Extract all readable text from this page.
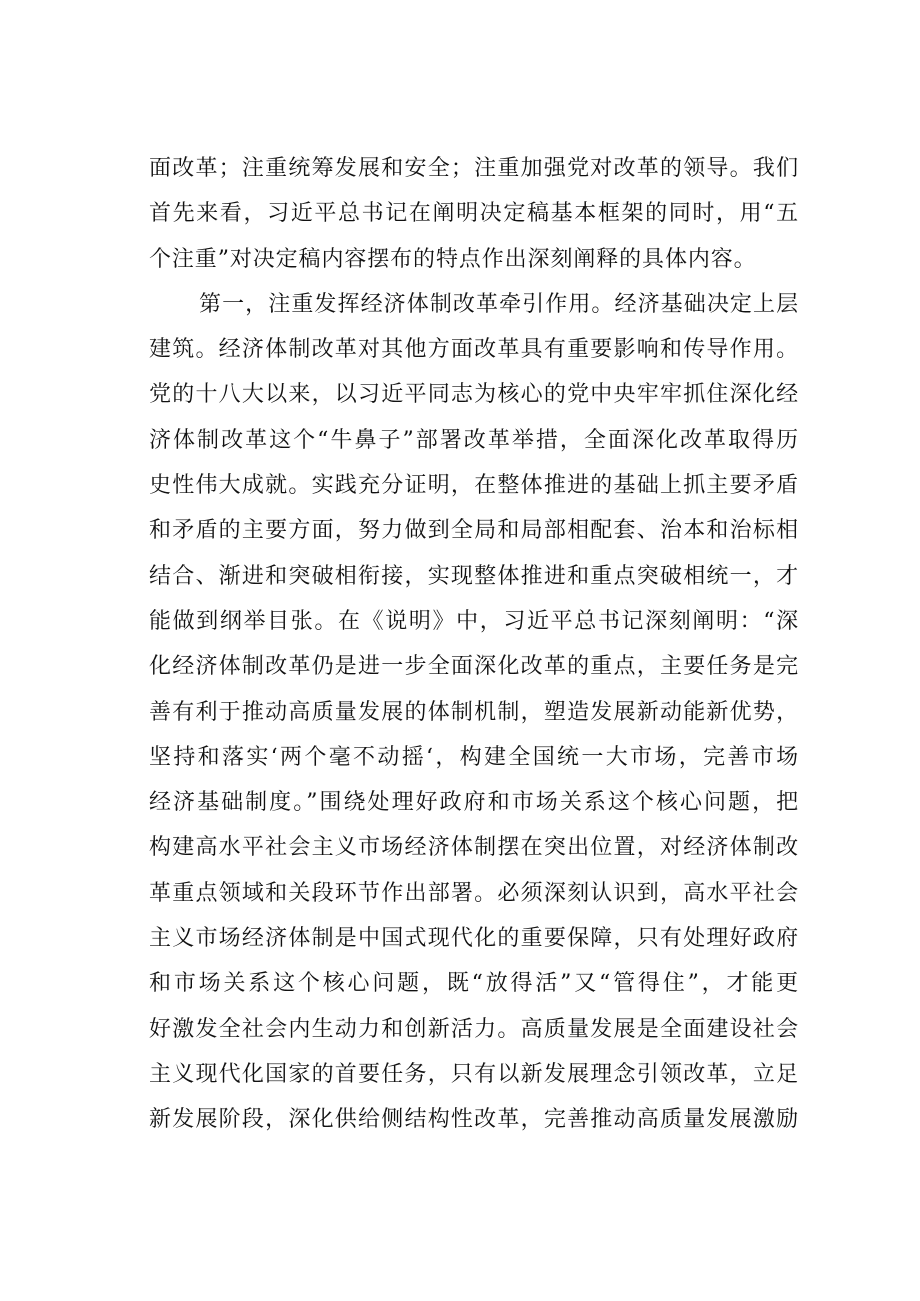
面改革；注重统筹发展和安全；注重加强党对改革的领导。我们
首先来看，习近平总书记在阐明决定稿基本框架的同时，用“五
个注重”对决定稿内容摆布的特点作出深刻阐释的具体内容。
第一，注重发挥经济体制改革牵引作用。经济基础决定上层
建筑。经济体制改革对其他方面改革具有重要影响和传导作用。
党的十八大以来，以习近平同志为核心的党中央牢牢抓住深化经
济体制改革这个“牛鼻子”部署改革举措，全面深化改革取得历
史性伟大成就。实践充分证明，在整体推进的基础上抓主要矛盾
和矛盾的主要方面，努力做到全局和局部相配套、治本和治标相
结合、渐进和突破相衔接，实现整体推进和重点突破相统一，才
能做到纲举目张。在《说明》中，习近平总书记深刻阐明：“深
化经济体制改革仍是进一步全面深化改革的重点，主要任务是完
善有利于推动高质量发展的体制机制，塑造发展新动能新优势，
坚持和落实‘两个毫不动摇‘，构建全国统一大市场，完善市场
经济基础制度。”围绕处理好政府和市场关系这个核心问题，把
构建高水平社会主义市场经济体制摆在突出位置，对经济体制改
革重点领域和关段环节作出部署。必须深刻认识到，高水平社会
主义市场经济体制是中国式现代化的重要保障，只有处理好政府
和市场关系这个核心问题，既“放得活”又“管得住”，才能更
好激发全社会内生动力和创新活力。高质量发展是全面建设社会
主义现代化国家的首要任务，只有以新发展理念引领改革，立足
新发展阶段，深化供给侧结构性改革，完善推动高质量发展激励
